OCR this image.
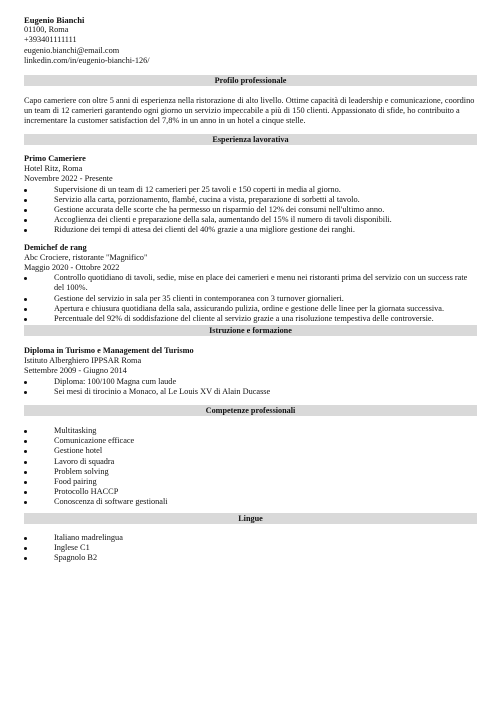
Eugenio Bianchi
01100, Roma
+393401111111
eugenio.bianchi@email.com
linkedin.com/in/eugenio-bianchi-126/
Profilo professionale

Capo cameriere con oltre 5 anni di esperienza nella ristorazione di alto livello. Ottime capacità di leadership e comunicazione, coordino un team di 12 camerieri garantendo ogni giorno un servizio impeccabile a più di 150 clienti. Appassionato di sfide, ho contribuito a incrementare la customer satisfaction del 7,8% in un anno in un hotel a cinque stelle.

Esperienza lavorativa
Primo Cameriere
Hotel Ritz, Roma
Novembre 2022 - Presente
Supervisione di un team di 12 camerieri per 25 tavoli e 150 coperti in media al giorno.
Servizio alla carta, porzionamento, flambé, cucina a vista, preparazione di sorbetti al tavolo.
Gestione accurata delle scorte che ha permesso un risparmio del 12% dei consumi nell'ultimo anno.
Accoglienza dei clienti e preparazione della sala, aumentando del 15% il numero di tavoli disponibili.
Riduzione dei tempi di attesa dei clienti del 40% grazie a una migliore gestione dei ranghi.
Demichef de rang
Abc Crociere, ristorante "Magnifico"
Maggio 2020 - Ottobre 2022
Controllo quotidiano di tavoli, sedie, mise en place dei camerieri e menu nei ristoranti prima del servizio con un success rate del 100%.
Gestione del servizio in sala per 35 clienti in contemporanea con 3 turnover giornalieri.
Apertura e chiusura quotidiana della sala, assicurando pulizia, ordine e gestione delle linee per la giornata successiva.
Percentuale del 92% di soddisfazione del cliente al servizio grazie a una risoluzione tempestiva delle controversie.
Istruzione e formazione
Diploma in Turismo e Management del Turismo
Istituto Alberghiero IPPSAR Roma
Settembre 2009 - Giugno 2014
Diploma: 100/100 Magna cum laude
Sei mesi di tirocinio a Monaco, al Le Louis XV di Alain Ducasse
Competenze professionali
Multitasking
Comunicazione efficace
Gestione hotel
Lavoro di squadra
Problem solving
Food pairing
Protocollo HACCP
Conoscenza di software gestionali
Lingue
Italiano madrelingua
Inglese C1
Spagnolo B2
